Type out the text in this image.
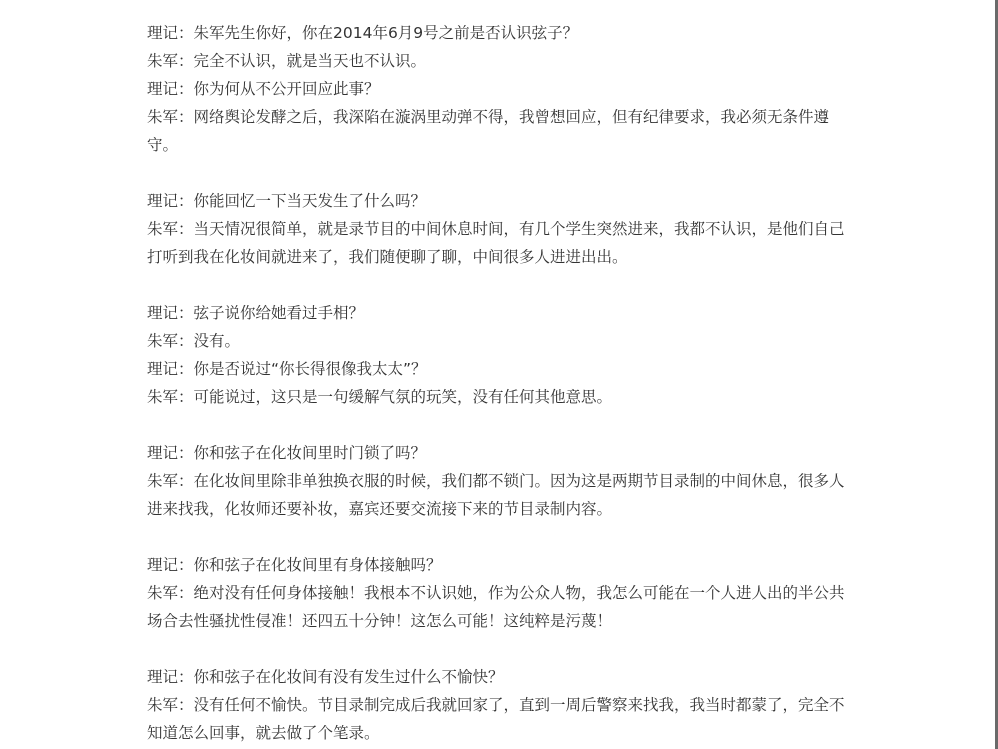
理记：朱军先生你好，你在2014年6月9号之前是否认识弦子？

朱军：完全不认识，就是当天也不认识。

理记：你为何从不公开回应此事？

朱军：网络舆论发酵之后，我深陷在漩涡里动弹不得，我曾想回应，但有纪律要求，我必须无条件遵守。

理记：你能回忆一下当天发生了什么吗？

朱军：当天情况很简单，就是录节目的中间休息时间，有几个学生突然进来，我都不认识，是他们自己打听到我在化妆间就进来了，我们随便聊了聊，中间很多人进进出出。

理记：弦子说你给她看过手相？

朱军：没有。

理记：你是否说过“你长得很像我太太”？

朱军：可能说过，这只是一句缓解气氛的玩笑，没有任何其他意思。

理记：你和弦子在化妆间里时门锁了吗？

朱军：在化妆间里除非单独换衣服的时候，我们都不锁门。因为这是两期节目录制的中间休息，很多人进来找我，化妆师还要补妆，嘉宾还要交流接下来的节目录制内容。

理记：你和弦子在化妆间里有身体接触吗？

朱军：绝对没有任何身体接触！我根本不认识她，作为公众人物，我怎么可能在一个人进人出的半公共场合去性骚扰性侵准！还四五十分钟！这怎么可能！这纯粹是污蔑！

理记：你和弦子在化妆间有没有发生过什么不愉快？

朱军：没有任何不愉快。节目录制完成后我就回家了，直到一周后警察来找我，我当时都蒙了，完全不知道怎么回事，就去做了个笔录。
